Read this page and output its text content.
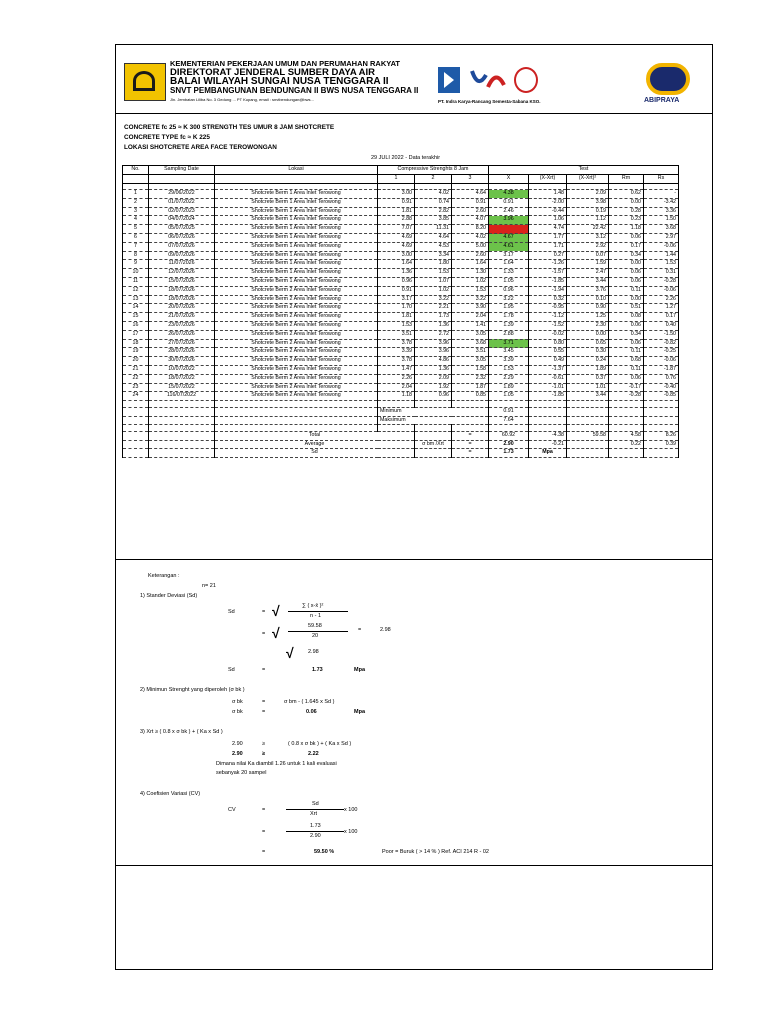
KEMENTERIAN PEKERJAAN UMUM DAN PERUMAHAN RAKYAT
DIREKTORAT JENDERAL SUMBER DAYA AIR
BALAI WILAYAH SUNGAI NUSA TENGGARA II
SNVT PEMBANGUNAN BENDUNGAN II BWS NUSA TENGGARA II
Jln. Jembatan Liliba No. 3 Gedung ... PT Kupang, email : snvtbendungan@bws...	PT. Indra Karya-Rancang Semesta-Sabana KSO.	ABIPRAYA
CONCRETE fc 25 ≈ K 300 STRENGTH TES UMUR 8 JAM SHOTCRETE
CONCRETE TYPE fc ≈ K 225
LOKASI SHOTCRETE AREA FACE TEROWONGAN
29 JULI 2022 - Data terakhir
No.	Sampling Date	Lokasi	Compressive Strenghts 8 Jam			Test				
			1	2	3	X	(X-Xrt)	(X-Xrt)²	Rm	Rs

1	29/06/2022	Shotcrete Berm 1 Area Inlet Terowong	3.00	4.02	4.64	4.38	1.48	2.09	0.62	-
2	01/07/2022	Shotcrete Berm 1 Area Inlet Terowong	0.91	0.74	0.91	0.91	-2.00	3.98	0.00	-3.42
3	02/07/2023	Shotcrete Berm 1 Area Inlet Terowong	1.81	2.82	2.60	2.46	-0.44	0.19	0.28	3.36
4	04/07/2024	Shotcrete Berm 1 Area Inlet Terowong	2.88	3.85	4.07	3.96	1.06	1.12	0.23	1.50
5	05/07/2025	Shotcrete Berm 1 Area Inlet Terowong	7.07	11.31	8.20	7.64	4.74	22.42	1.18	3.68
6	06/07/2026	Shotcrete Berm 1 Area Inlet Terowong	4.69	4.64	4.02	4.67	1.77	3.12	0.06	2.97
7	07/07/2026	Shotcrete Berm 1 Area Inlet Terowong	4.69	4.53	5.00	4.61	1.71	2.92	0.17	-0.06
8	09/07/2026	Shotcrete Berm 1 Area Inlet Terowong	3.00	3.34	2.60	3.17	0.27	0.07	0.34	1.44
9	11/07/2026	Shotcrete Berm 1 Area Inlet Terowong	1.64	1.80	1.64	1.64	-1.26	1.59	0.00	1.53
10	12/07/2026	Shotcrete Berm 1 Area Inlet Terowong	1.36	1.53	1.30	1.33	-1.57	2.47	0.06	0.31
11	15/07/2026	Shotcrete Berm 1 Area Inlet Terowong	0.96	1.07	1.02	1.05	-1.85	3.44	0.06	-0.28
12	18/07/2026	Shotcrete Berm 2 Area Inlet Terowong	0.91	1.02	1.53	0.96	-1.94	3.76	0.11	-0.06
13	18/07/2026	Shotcrete Berm 2 Area Inlet Terowong	3.17	3.22	3.22	3.22	0.32	0.10	0.00	2.26
14	20/07/2026	Shotcrete Berm 2 Area Inlet Terowong	1.70	2.21	3.90	1.95	-0.95	0.90	0.51	1.27
15	21/07/2026	Shotcrete Berm 2 Area Inlet Terowong	1.81	1.73	2.04	1.78	-1.12	1.25	0.08	0.17
16	23/07/2026	Shotcrete Berm 2 Area Inlet Terowong	1.53	1.36	1.41	1.39	-1.52	2.30	0.06	0.40
17	26/07/2026	Shotcrete Berm 2 Area Inlet Terowong	3.51	2.72	3.05	2.88	-0.02	0.00	0.34	-1.50
18	27/07/2026	Shotcrete Berm 2 Area Inlet Terowong	3.78	3.96	3.68	3.71	0.80	0.65	0.06	-0.82
19	28/07/2026	Shotcrete Berm 2 Area Inlet Terowong	3.39	3.96	3.51	3.45	0.55	0.30	0.11	-0.25
20	30/07/2026	Shotcrete Berm 2 Area Inlet Terowong	3.78	4.86	3.05	3.39	0.49	0.24	0.68	-0.06
21	10/07/2022	Shotcrete Berm 2 Area Inlet Terowong	1.47	1.36	1.58	1.53	-1.37	1.89	0.11	-1.87
22	18/07/2022	Shotcrete Berm 2 Area Inlet Terowong	2.26	2.09	2.32	2.29	-0.61	0.37	0.06	0.76
23	15/07/2022	Shotcrete Berm 2 Area Inlet Terowong	2.04	1.92	1.87	1.89	-1.01	1.01	-0.17	-0.40
24	116/07/2022	Shotcrete Berm 2 Area Inlet Terowong	1.18	0.96	0.85	1.05	-1.85	3.44	-0.28	-0.85

			Minimum			0.91				
			Maksimum			7.64				

		Total			=	60.92	-4.38	59.58	4.58	8.26
		Average		σ bm /Xrt	=	2.90	-0.21		0.22	0.39
		Sd			=	1.73	Mpa			
Keterangan :
n= 21
1) Stander Deviasi (Sd)
Sd	= √	∑ ( x-x̄ )²
n - 1
= √	59.58
20
=	2.98
√	2.98
Sd	=	1.73	Mpa
2) Minimun Strenght yang diperoleh (σ bk )
σ bk	=	σ bm - ( 1.645 x Sd )
σ bk	=	0.06	Mpa
3) Xrt ≥ ( 0.8 x σ bk ) + ( Ka x Sd )
2.90	≥	( 0.8 x σ bk ) + ( Ka x Sd )
2.90	≥	2.22
Dimana nilai Ka diambil 1.26 untuk 1 kali evaluasi
sebanyak 20 sampel
4) Coefisien Variasi (CV)
CV	=
Sd
Xrt
x 100
=
1.73
2.90
x 100
=	59.50 %	Poor = Buruk ( > 14 % ) Ref. ACI 214 R - 02
